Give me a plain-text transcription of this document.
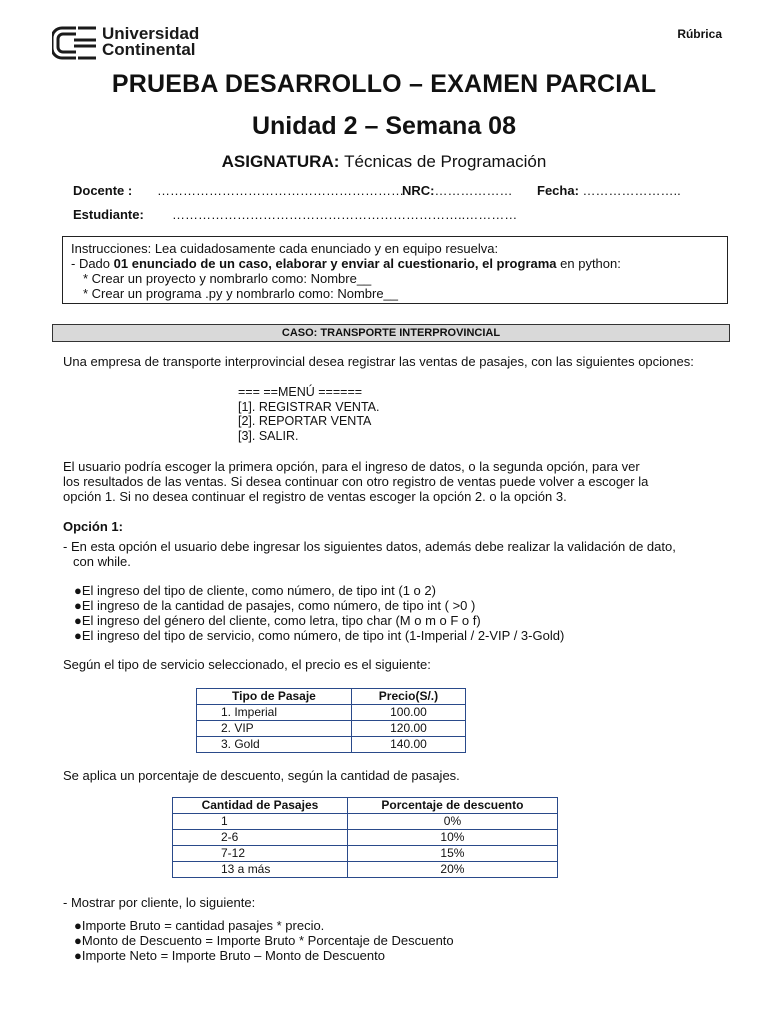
Universidad
Continental
Rúbrica
PRUEBA DESARROLLO – EXAMEN PARCIAL
Unidad 2 – Semana 08
ASIGNATURA: Técnicas de Programación
Docente : …………………………………………………
NRC:……………… Fecha: …………………..
Estudiante: …………………………………………………………..…………
Instrucciones: Lea cuidadosamente cada enunciado y en equipo resuelva:
- Dado 01 enunciado de un caso, elaborar y enviar al cuestionario, el programa en python:
* Crear un proyecto y nombrarlo como: Nombre__
* Crear un programa .py y nombrarlo como: Nombre__
CASO: TRANSPORTE INTERPROVINCIAL
Una empresa de transporte interprovincial desea registrar las ventas de pasajes, con las siguientes opciones:
=== ==MENÚ ======
[1]. REGISTRAR VENTA.
[2]. REPORTAR VENTA
[3]. SALIR.
El usuario podría escoger la primera opción, para el ingreso de datos, o la segunda opción, para ver
los resultados de las ventas. Si desea continuar con otro registro de ventas puede volver a escoger la
opción 1. Si no desea continuar el registro de ventas escoger la opción 2. o la opción 3.
Opción 1:
- En esta opción el usuario debe ingresar los siguientes datos, además debe realizar la validación de dato,
con while.
●El ingreso del tipo de cliente, como número, de tipo int (1 o 2)
●El ingreso de la cantidad de pasajes, como número, de tipo int ( >0 )
●El ingreso del género del cliente, como letra, tipo char (M o m o F o f)
●El ingreso del tipo de servicio, como número, de tipo int (1-Imperial / 2-VIP / 3-Gold)
Según el tipo de servicio seleccionado, el precio es el siguiente:
Tipo de Pasaje	Precio(S/.)
1. Imperial	100.00
2. VIP	120.00
3. Gold	140.00
Se aplica un porcentaje de descuento, según la cantidad de pasajes.
Cantidad de Pasajes	Porcentaje de descuento
1	0%
2-6	10%
7-12	15%
13 a más	20%
- Mostrar por cliente, lo siguiente:
●Importe Bruto = cantidad pasajes * precio.
●Monto de Descuento = Importe Bruto * Porcentaje de Descuento
●Importe Neto = Importe Bruto – Monto de Descuento
